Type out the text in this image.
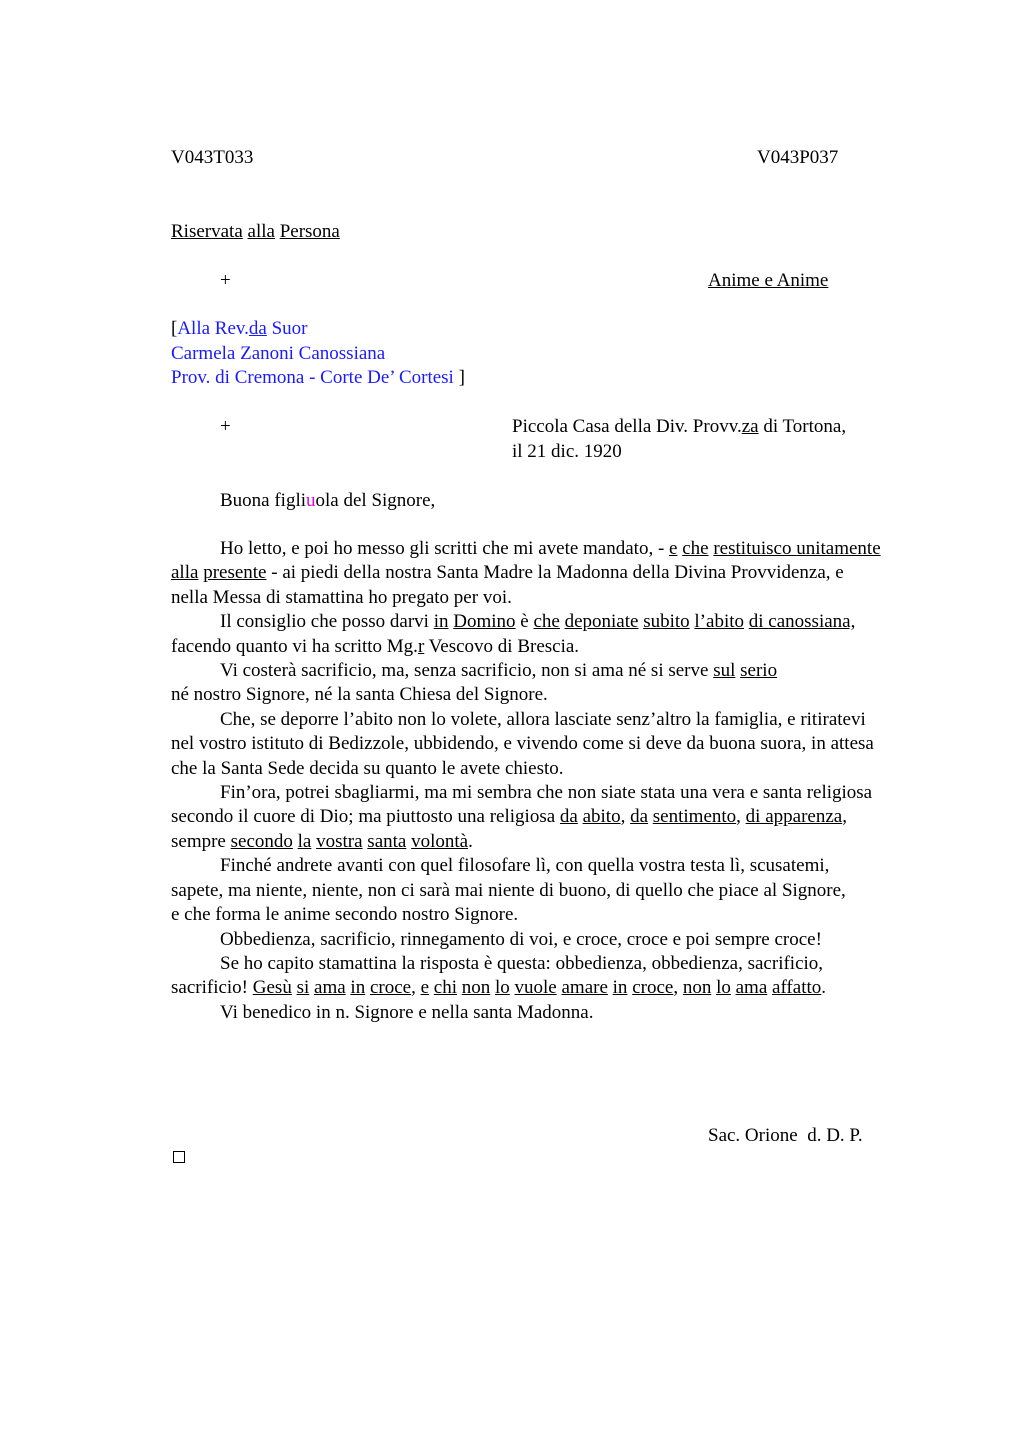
V043T033	V043P037
Riservata alla Persona
+	Anime e Anime
[Alla Rev.da Suor
Carmela Zanoni Canossiana
Prov. di Cremona - Corte De’ Cortesi ]
+	Piccola Casa della Div. Provv.za di Tortona,
il 21 dic. 1920
Buona figliuola del Signore,

Ho letto, e poi ho messo gli scritti che mi avete mandato, - e che restituisco unitamente alla presente - ai piedi della nostra Santa Madre la Madonna della Divina Provvidenza, e nella Messa di stamattina ho pregato per voi.

Il consiglio che posso darvi in Domino è che deponiate subito l’abito di canossiana,

facendo quanto vi ha scritto Mg.r Vescovo di Brescia.

Vi costerà sacrificio, ma, senza sacrificio, non si ama né si serve sul serio
né nostro Signore, né la santa Chiesa del Signore.

Che, se deporre l’abito non lo volete, allora lasciate senz’altro la famiglia, e ritiratevi

nel vostro istituto di Bedizzole, ubbidendo, e vivendo come si deve da buona suora, in attesa che la Santa Sede decida su quanto le avete chiesto.

Fin’ora, potrei sbagliarmi, ma mi sembra che non siate stata una vera e santa religiosa secondo il cuore di Dio; ma piuttosto una religiosa da abito, da sentimento, di apparenza, sempre secondo la vostra santa volontà.

Finché andrete avanti con quel filosofare lì, con quella vostra testa lì, scusatemi, sapete, ma niente, niente, non ci sarà mai niente di buono, di quello che piace al Signore,

e che forma le anime secondo nostro Signore.

Obbedienza, sacrificio, rinnegamento di voi, e croce, croce e poi sempre croce!

Se ho capito stamattina la risposta è questa: obbedienza, obbedienza, sacrificio, sacrificio! Gesù si ama in croce, e chi non lo vuole amare in croce, non lo ama affatto.

Vi benedico in n. Signore e nella santa Madonna.

Sac. Orione  d. D. P.
